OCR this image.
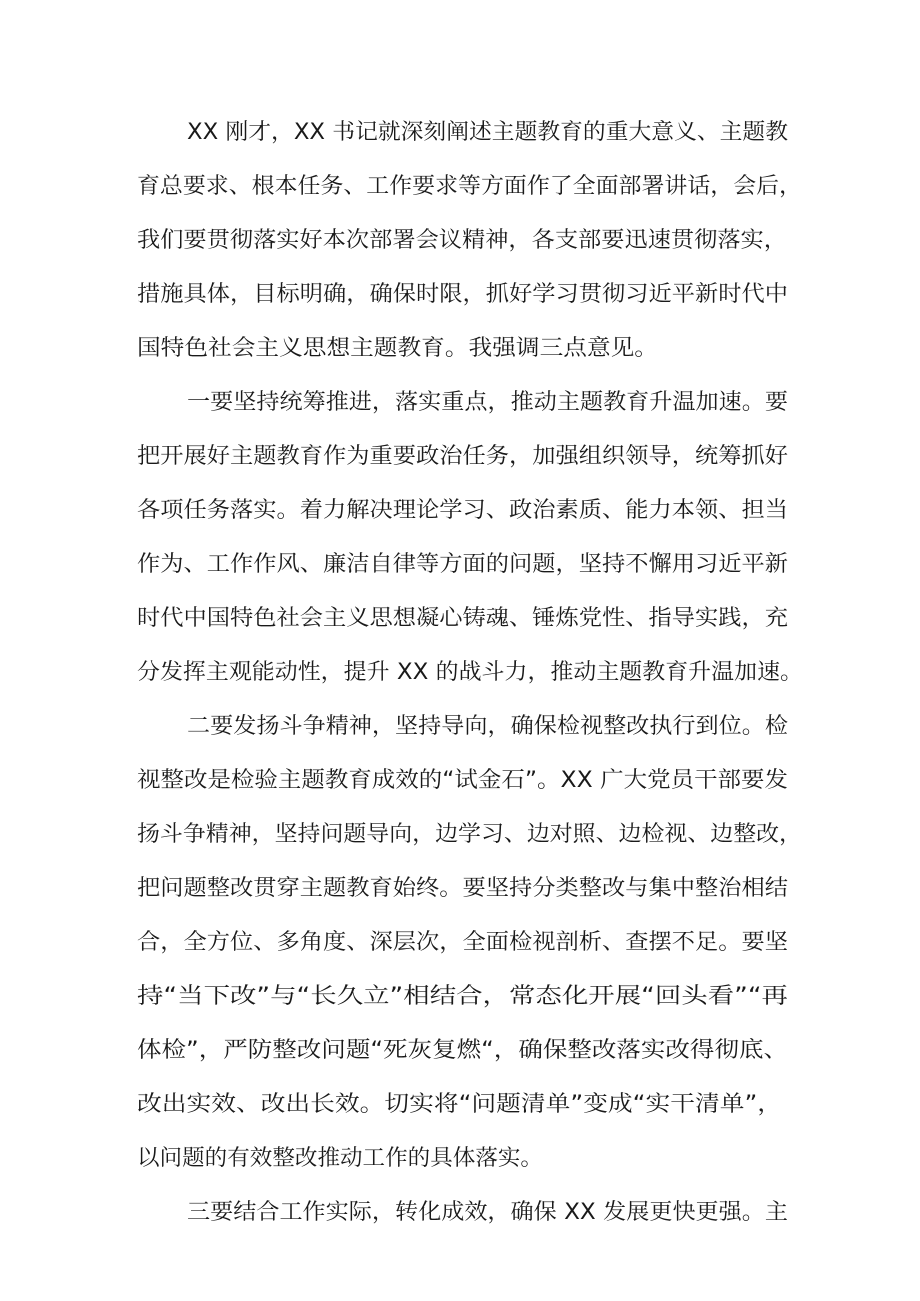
XX 刚才，XX 书记就深刻阐述主题教育的重大意义、主题教
育总要求、根本任务、工作要求等方面作了全面部署讲话，会后，
我们要贯彻落实好本次部署会议精神，各支部要迅速贯彻落实，
措施具体，目标明确，确保时限，抓好学习贯彻习近平新时代中
国特色社会主义思想主题教育。我强调三点意见。
一要坚持统筹推进，落实重点，推动主题教育升温加速。要
把开展好主题教育作为重要政治任务，加强组织领导，统筹抓好
各项任务落实。着力解决理论学习、政治素质、能力本领、担当
作为、工作作风、廉洁自律等方面的问题，坚持不懈用习近平新
时代中国特色社会主义思想凝心铸魂、锤炼党性、指导实践，充
分发挥主观能动性，提升 XX 的战斗力，推动主题教育升温加速。
二要发扬斗争精神，坚持导向，确保检视整改执行到位。检
视整改是检验主题教育成效的“试金石”。XX 广大党员干部要发
扬斗争精神，坚持问题导向，边学习、边对照、边检视、边整改，
把问题整改贯穿主题教育始终。要坚持分类整改与集中整治相结
合，全方位、多角度、深层次，全面检视剖析、查摆不足。要坚
持“当下改”与“长久立”相结合，常态化开展“回头看”“再
体检”，严防整改问题“死灰复燃“，确保整改落实改得彻底、
改出实效、改出长效。切实将“问题清单”变成“实干清单”，
以问题的有效整改推动工作的具体落实。
三要结合工作实际，转化成效，确保 XX 发展更快更强。主
